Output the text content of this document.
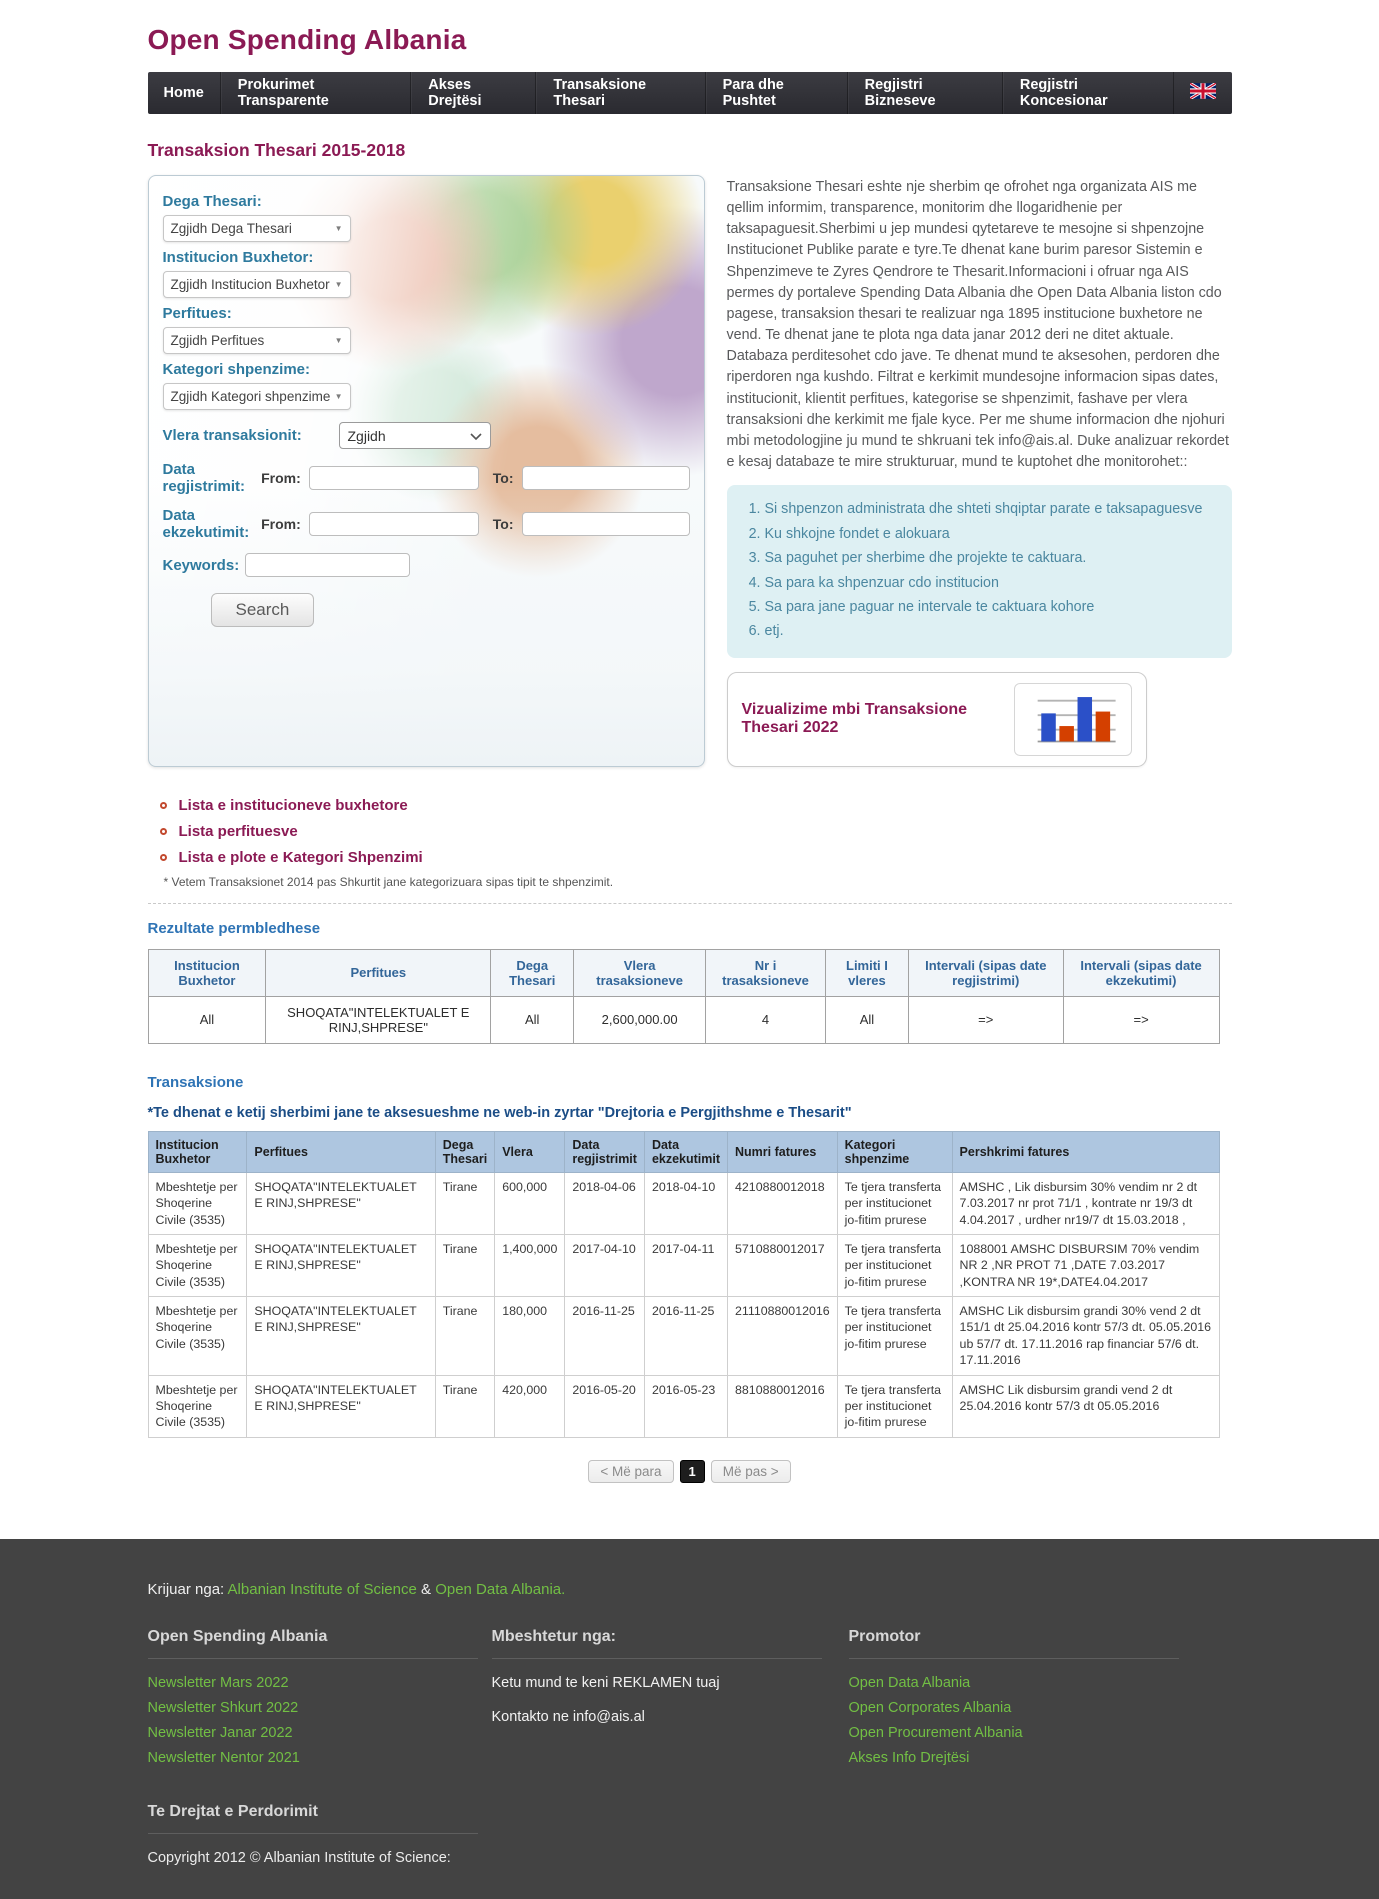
Open Spending Albania
Home	Prokurimet Transparente
Akses Drejtësi
Transaksione Thesari
Para dhe Pushtet
Regjistri Bizneseve
Regjistri Koncesionar
Transaksion Thesari 2015-2018
Dega Thesari:
Zgjidh Dega Thesari	▼
Institucion Buxhetor:
Zgjidh Institucion Buxhetor ▼
Perfitues:
Zgjidh Perfitues	▼
Kategori shpenzime:
Zgjidh Kategori shpenzime ▼
Vlera transaksionit:	Zgjidh
Data regjistrimit:	From:	To:
Data ekzekutimit: From:	To:
Keywords:
Search

Transaksione Thesari eshte nje sherbim qe ofrohet nga organizata AIS me qellim informim, transparence, monitorim dhe llogaridhenie per taksapaguesit.Sherbimi u jep mundesi qytetareve te mesojne si shpenzojne Institucionet Publike parate e tyre.Te dhenat kane burim paresor Sistemin e Shpenzimeve te Zyres Qendrore te Thesarit.Informacioni i ofruar nga AIS permes dy portaleve Spending Data Albania dhe Open Data Albania liston cdo pagese, transaksion thesari te realizuar nga 1895 institucione buxhetore ne vend. Te dhenat jane te plota nga data janar 2012 deri ne ditet aktuale. Databaza perditesohet cdo jave. Te dhenat mund te aksesohen, perdoren dhe riperdoren nga kushdo. Filtrat e kerkimit mundesojne informacion sipas dates, institucionit, klientit perfitues, kategorise se shpenzimit, fashave per vlera transaksioni dhe kerkimit me fjale kyce. Per me shume informacion dhe njohuri mbi metodologjine ju mund te shkruani tek info@ais.al. Duke analizuar rekordet e kesaj databaze te mire strukturuar, mund te kuptohet dhe monitorohet::

1. Si shpenzon administrata dhe shteti shqiptar parate e taksapaguesve
2. Ku shkojne fondet e alokuara
3. Sa paguhet per sherbime dhe projekte te caktuara.
4. Sa para ka shpenzuar cdo institucion
5. Sa para jane paguar ne intervale te caktuara kohore
6. etj.
Vizualizime mbi Transaksione Thesari 2022
Lista e institucioneve buxhetore
Lista perfituesve
Lista e plote e Kategori Shpenzimi
* Vetem Transaksionet 2014 pas Shkurtit jane kategorizuara sipas tipit te shpenzimit.
Rezultate permbledhese
Institucion Buxhetor	Perfitues	Dega Thesari	Vlera trasaksioneve	Nr i trasaksioneve	Limiti I vleres	Intervali (sipas date regjistrimi)	Intervali (sipas date ekzekutimi)
All	SHOQATA"INTELEKTUALET E RINJ,SHPRESE"	All	2,600,000.00	4	All	=>	=>
Transaksione
*Te dhenat e ketij sherbimi jane te aksesueshme ne web-in zyrtar "Drejtoria e Pergjithshme e Thesarit"
Institucion Buxhetor	Perfitues	Dega Thesari	Vlera	Data regjistrimit	Data ekzekutimit	Numri fatures	Kategori shpenzime	Pershkrimi fatures
Mbeshtetje per Shoqerine Civile (3535)	SHOQATA"INTELEKTUALET E RINJ,SHPRESE"	Tirane	600,000	2018-04-06	2018-04-10	4210880012018	Te tjera transferta per institucionet jo-fitim prurese	AMSHC , Lik disbursim 30% vendim nr 2 dt 7.03.2017 nr prot 71/1 , kontrate nr 19/3 dt 4.04.2017 , urdher nr19/7 dt 15.03.2018 ,
Mbeshtetje per Shoqerine Civile (3535)	SHOQATA"INTELEKTUALET E RINJ,SHPRESE"	Tirane	1,400,000	2017-04-10	2017-04-11	5710880012017	Te tjera transferta per institucionet jo-fitim prurese	1088001 AMSHC DISBURSIM 70% vendim NR 2 ,NR PROT 71 ,DATE 7.03.2017 ,KONTRA NR 19*,DATE4.04.2017
Mbeshtetje per Shoqerine Civile (3535)	SHOQATA"INTELEKTUALET E RINJ,SHPRESE"	Tirane	180,000	2016-11-25	2016-11-25	21110880012016	Te tjera transferta per institucionet jo-fitim prurese	AMSHC Lik disbursim grandi 30% vend 2 dt 151/1 dt 25.04.2016 kontr 57/3 dt. 05.05.2016 ub 57/7 dt. 17.11.2016 rap financiar 57/6 dt. 17.11.2016
Mbeshtetje per Shoqerine Civile (3535)	SHOQATA"INTELEKTUALET E RINJ,SHPRESE"	Tirane	420,000	2016-05-20	2016-05-23	8810880012016	Te tjera transferta per institucionet jo-fitim prurese	AMSHC Lik disbursim grandi vend 2 dt 25.04.2016 kontr 57/3 dt 05.05.2016
< Më para	1	Më pas >
Krijuar nga: Albanian Institute of Science & Open Data Albania.
Open Spending Albania
Newsletter Mars 2022
Newsletter Shkurt 2022
Newsletter Janar 2022
Newsletter Nentor 2021
Mbeshtetur nga:
Ketu mund te keni REKLAMEN tuaj
Kontakto ne info@ais.al
Promotor
Open Data Albania
Open Corporates Albania
Open Procurement Albania
Akses Info Drejtësi
Te Drejtat e Perdorimit
Copyright 2012 © Albanian Institute of Science:
